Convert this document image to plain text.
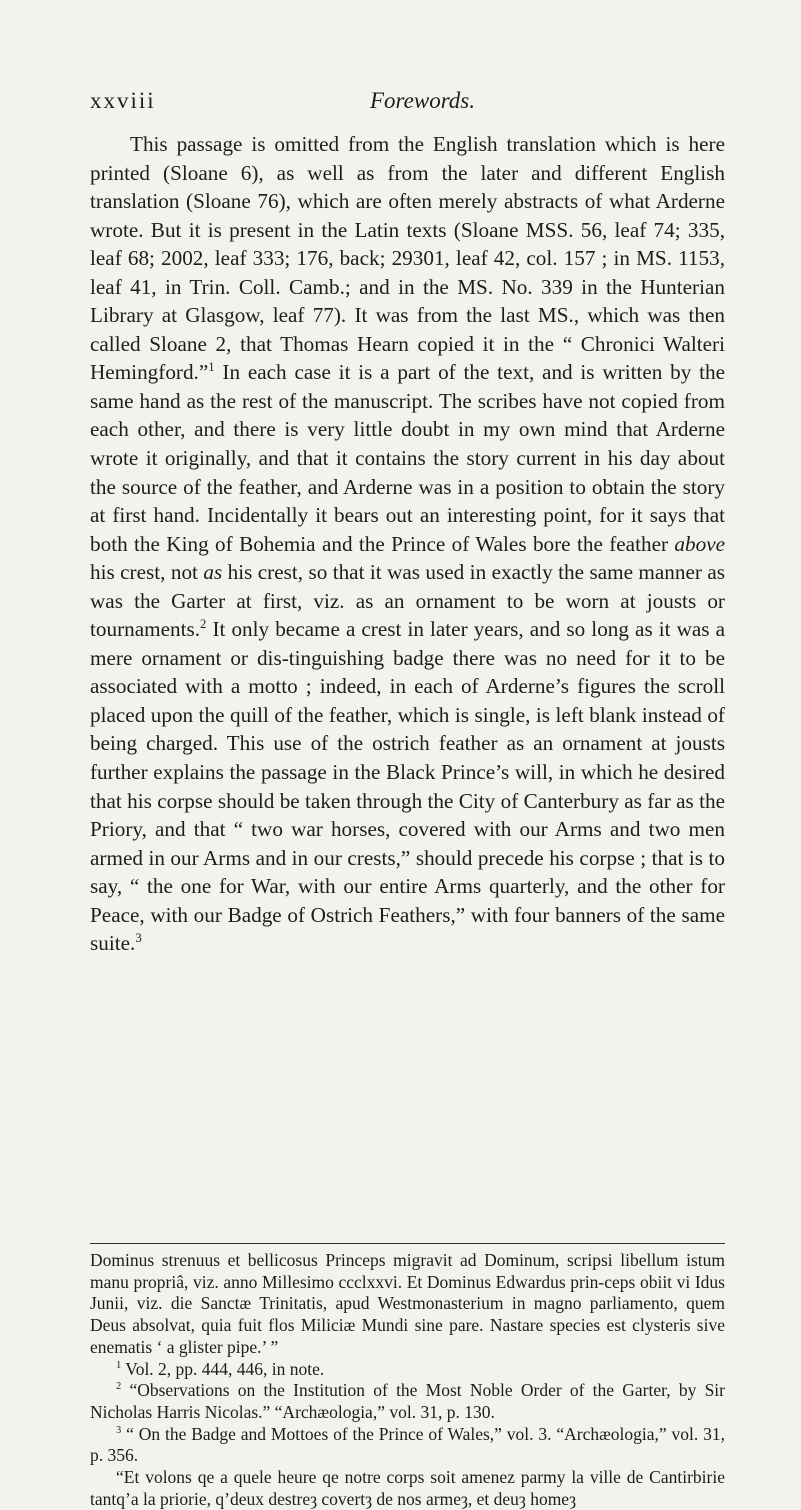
xxviii	Forewords.

This passage is omitted from the English translation which is here printed (Sloane 6), as well as from the later and different English translation (Sloane 76), which are often merely abstracts of what Arderne wrote. But it is present in the Latin texts (Sloane MSS. 56, leaf 74; 335, leaf 68; 2002, leaf 333; 176, back; 29301, leaf 42, col. 157 ; in MS. 1153, leaf 41, in Trin. Coll. Camb.; and in the MS. No. 339 in the Hunterian Library at Glasgow, leaf 77). It was from the last MS., which was then called Sloane 2, that Thomas Hearn copied it in the “ Chronici Walteri Hemingford.”$^1$ In each case it is a part of the text, and is written by the same hand as the rest of the manuscript. The scribes have not copied from each other, and there is very little doubt in my own mind that Arderne wrote it originally, and that it contains the story current in his day about the source of the feather, and Arderne was in a position to obtain the story at first hand. Incidentally it bears out an interesting point, for it says that both the King of Bohemia and the Prince of Wales bore the feather above his crest, not as his crest, so that it was used in exactly the same manner as was the Garter at first, viz. as an ornament to be worn at jousts or tournaments.$^2$ It only became a crest in later years, and so long as it was a mere ornament or dis-tinguishing badge there was no need for it to be associated with a motto ; indeed, in each of Arderne’s figures the scroll placed upon the quill of the feather, which is single, is left blank instead of being charged. This use of the ostrich feather as an ornament at jousts further explains the passage in the Black Prince’s will, in which he desired that his corpse should be taken through the City of Canterbury as far as the Priory, and that “ two war horses, covered with our Arms and two men armed in our Arms and in our crests,” should precede his corpse ; that is to say, “ the one for War, with our entire Arms quarterly, and the other for Peace, with our Badge of Ostrich Feathers,” with four banners of the same suite.$^3$

Dominus strenuus et bellicosus Princeps migravit ad Dominum, scripsi libellum istum manu propriâ, viz. anno Millesimo ccclxxvi. Et Dominus Edwardus prin-ceps obiit vi Idus Junii, viz. die Sanctæ Trinitatis, apud Westmonasterium in magno parliamento, quem Deus absolvat, quia fuit flos Miliciæ Mundi sine pare. Nastare species est clysteris sive enematis ‘ a glister pipe.’ ”

$^1$ Vol. 2, pp. 444, 446, in note.

$^2$ “Observations on the Institution of the Most Noble Order of the Garter, by Sir Nicholas Harris Nicolas.” “Archæologia,” vol. 31, p. 130.

$^3$ “ On the Badge and Mottoes of the Prince of Wales,” vol. 3. “Archæologia,” vol. 31, p. 356.

“Et volons qe a quele heure qe notre corps soit amenez parmy la ville de Cantirbirie tantq’a la priorie, q’deux destreȝ covertȝ de nos armeȝ, et deuȝ homeȝ
